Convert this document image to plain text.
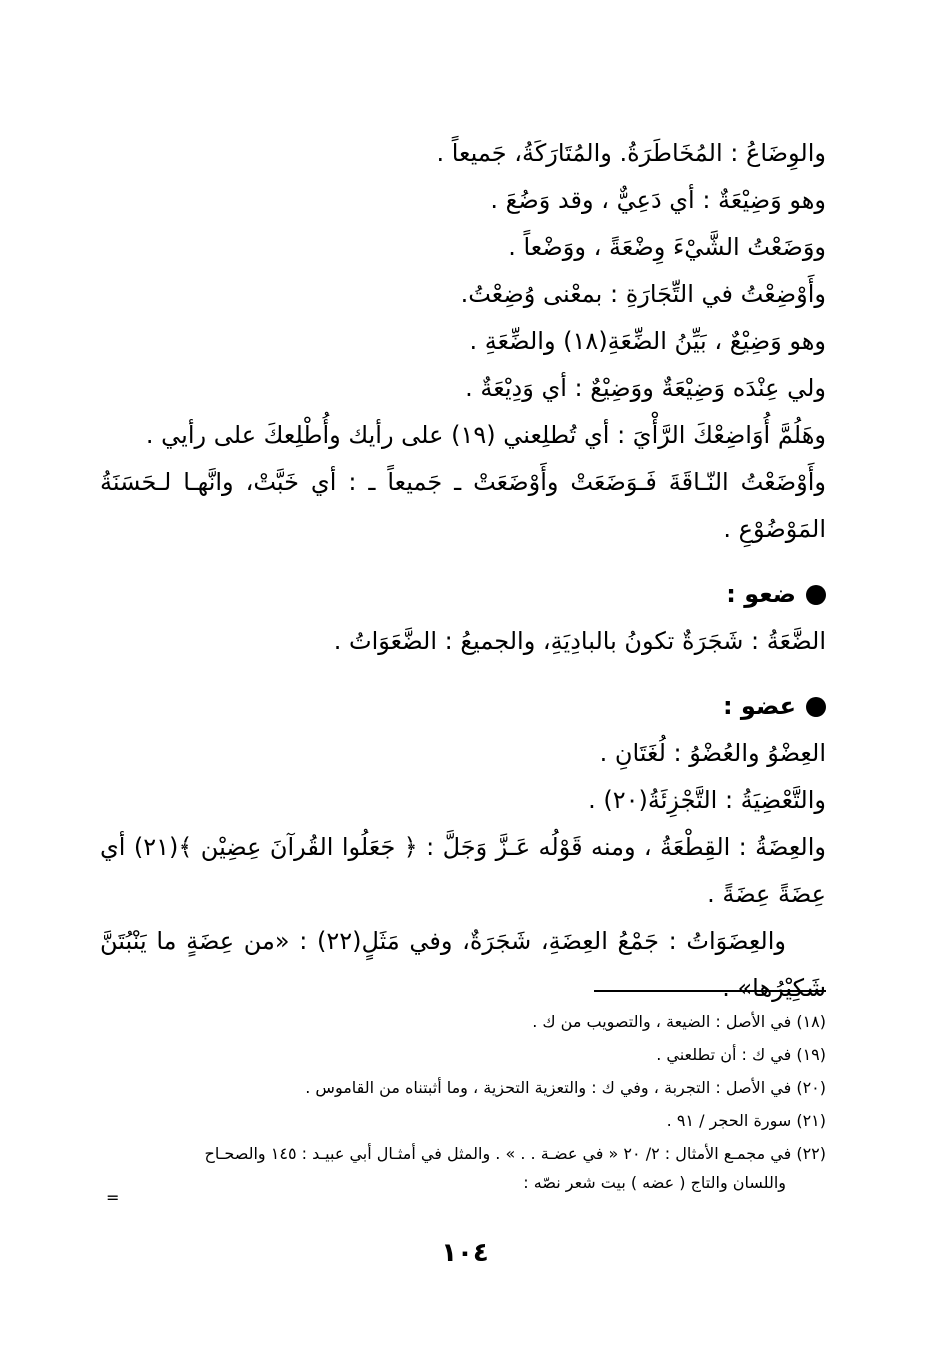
والوِضَاعُ : المُخَاطَرَةُ. والمُتَارَكَةُ، جَميعاً .

وهو وَضِيْعَةٌ : أي دَعِيٌّ ، وقد وَضُعَ .

ووَضَعْتُ الشَّيْءَ وِضْعَةً ، ووَضْعاً .

وأَوْضِعْتُ في التِّجَارَةِ : بمعْنى وُضِعْتُ.

وهو وَضِيْعٌ ، بَيِّنُ الضِّعَةِ(١٨) والضِّعَةِ .

ولي عِنْدَه وَضِيْعَةٌ ووَضِيْعٌ : أي وَدِيْعَةٌ .

وهَلُمَّ أُوَاضِعْكَ الرَّأْيَ : أي تُطلِعني (١٩) على رأيك وأُطْلِعكَ على رأيي .

وأَوْضَعْتُ النّـاقَةَ فَـوَضَعَتْ وأَوْضَعَتْ ـ جَميعاً ـ : أي خَبَّتْ، وانَّهـا لـحَسَنَةُ

المَوْضُوْعِ .

ضعو :

الضَّعَةُ : شَجَرَةٌ تكونُ بالبادِيَةِ، والجميعُ : الضَّعَوَاتُ .

عضو :

العِضْوُ والعُضْوُ : لُغَتَانِ .

والتَّعْضِيَةُ : التَّجْزِئَةُ(٢٠) .

والعِضَةُ : القِطْعَةُ ، ومنه قَوْلُه عَـزَّ وَجَلَّ : ﴿ جَعَلُوا القُرآنَ عِضِيْن ﴾(٢١) أي

عِضَةً عِضَةً .

والعِضَوَاتُ : جَمْعُ العِضَةِ، شَجَرَةٌ، وفي مَثَلٍ(٢٢) : «من عِضَةٍ ما يَنْبُتَنَّ

شَكِيْرُها» .

(١٨) في الأصل : الضيعة ، والتصويب من ك .

(١٩) في ك : أن تطلعني .

(٢٠) في الأصل : التجربة ، وفي ك : والتعزية التحزية ، وما أثبتناه من القاموس .

(٢١) سورة الحجر / ٩١ .

(٢٢) في مجمـع الأمثال : ٢/ ٢٠ « في عضـة . . » . والمثل في أمثـال أبي عبيـد : ١٤٥ والصحـاح

واللسان والتاج ( عضه ) بيت شعر نصّه :

=
١٠٤
